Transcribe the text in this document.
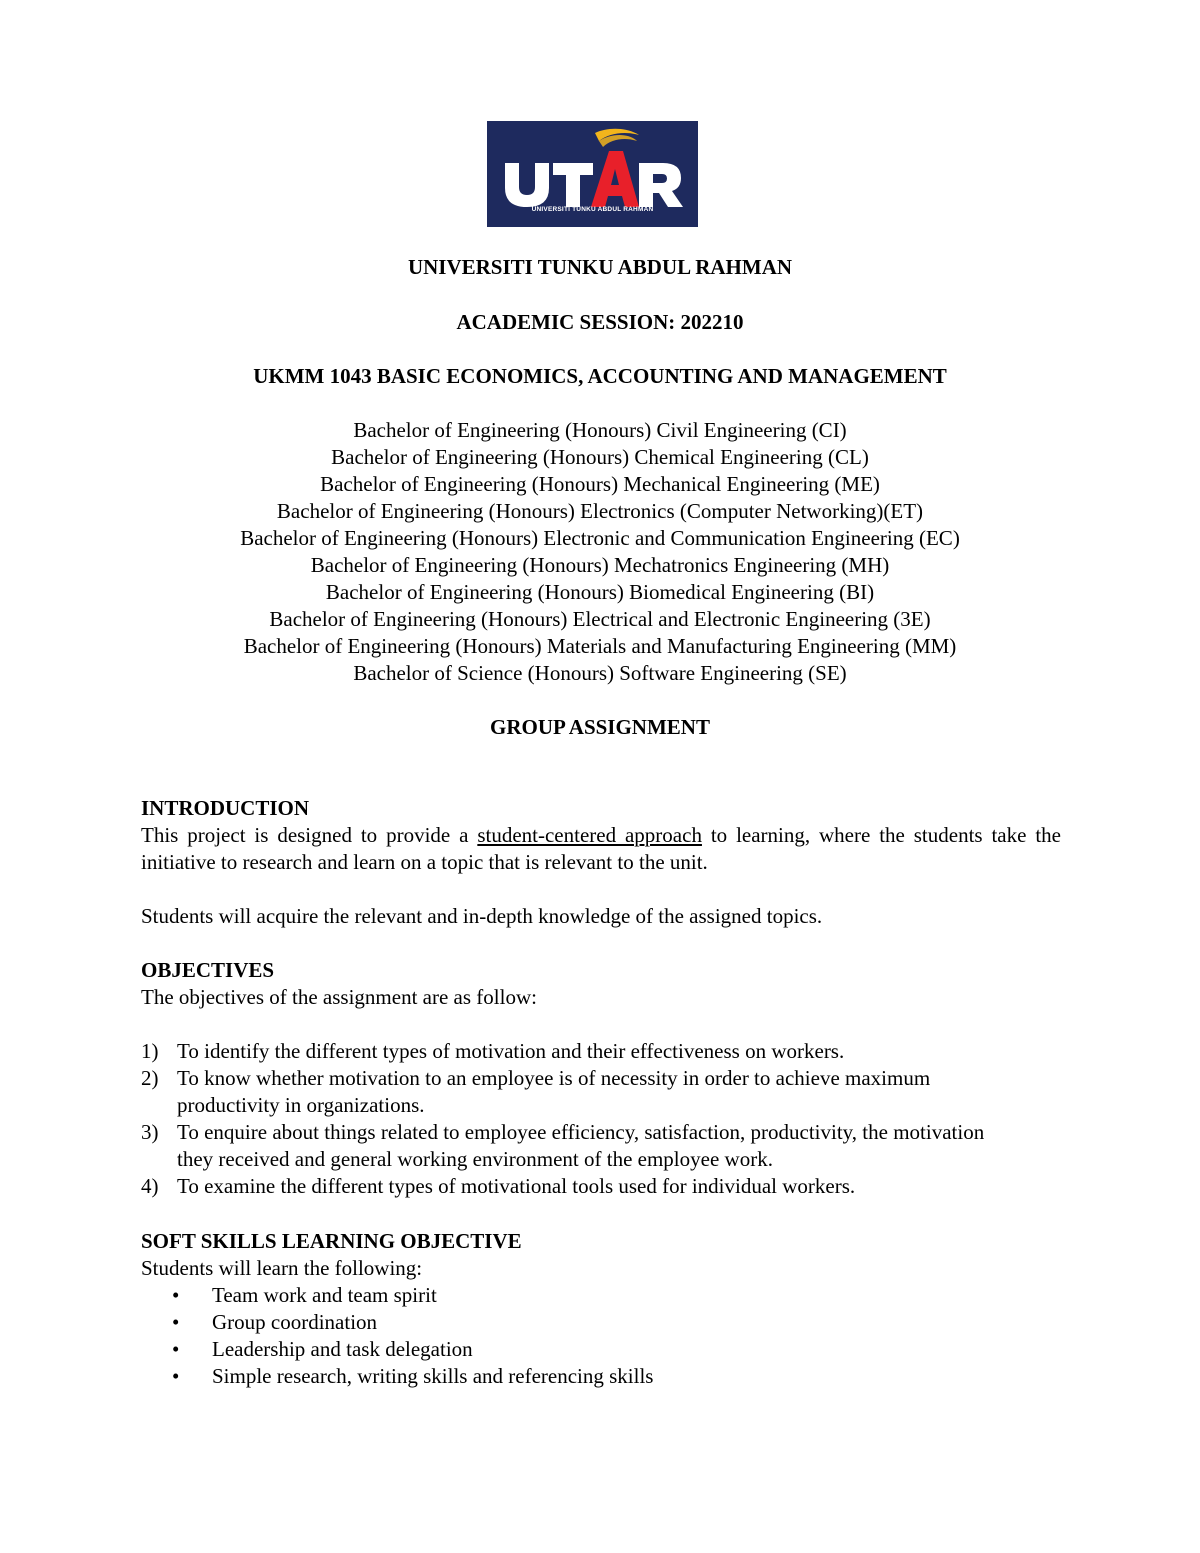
UNIVERSITI TUNKU ABDUL RAHMAN
UNIVERSITI TUNKU ABDUL RAHMAN
ACADEMIC SESSION: 202210
UKMM 1043 BASIC ECONOMICS, ACCOUNTING AND MANAGEMENT
Bachelor of Engineering (Honours) Civil Engineering (CI)
Bachelor of Engineering (Honours) Chemical Engineering (CL)
Bachelor of Engineering (Honours) Mechanical Engineering (ME)
Bachelor of Engineering (Honours) Electronics (Computer Networking)(ET)
Bachelor of Engineering (Honours) Electronic and Communication Engineering (EC)
Bachelor of Engineering (Honours) Mechatronics Engineering (MH)
Bachelor of Engineering (Honours) Biomedical Engineering (BI)
Bachelor of Engineering (Honours) Electrical and Electronic Engineering (3E)
Bachelor of Engineering (Honours) Materials and Manufacturing Engineering (MM)
Bachelor of Science (Honours) Software Engineering (SE)
GROUP ASSIGNMENT
INTRODUCTION
This project is designed to provide a student-centered approach to learning, where the students take the initiative to research and learn on a topic that is relevant to the unit.
Students will acquire the relevant and in-depth knowledge of the assigned topics.
OBJECTIVES
The objectives of the assignment are as follow:
1) To identify the different types of motivation and their effectiveness on workers.
2) To know whether motivation to an employee is of necessity in order to achieve maximum productivity in organizations.
3) To enquire about things related to employee efficiency, satisfaction, productivity, the motivation they received and general working environment of the employee work.
4) To examine the different types of motivational tools used for individual workers.
SOFT SKILLS LEARNING OBJECTIVE
Students will learn the following:
• Team work and team spirit
• Group coordination
• Leadership and task delegation
• Simple research, writing skills and referencing skills
